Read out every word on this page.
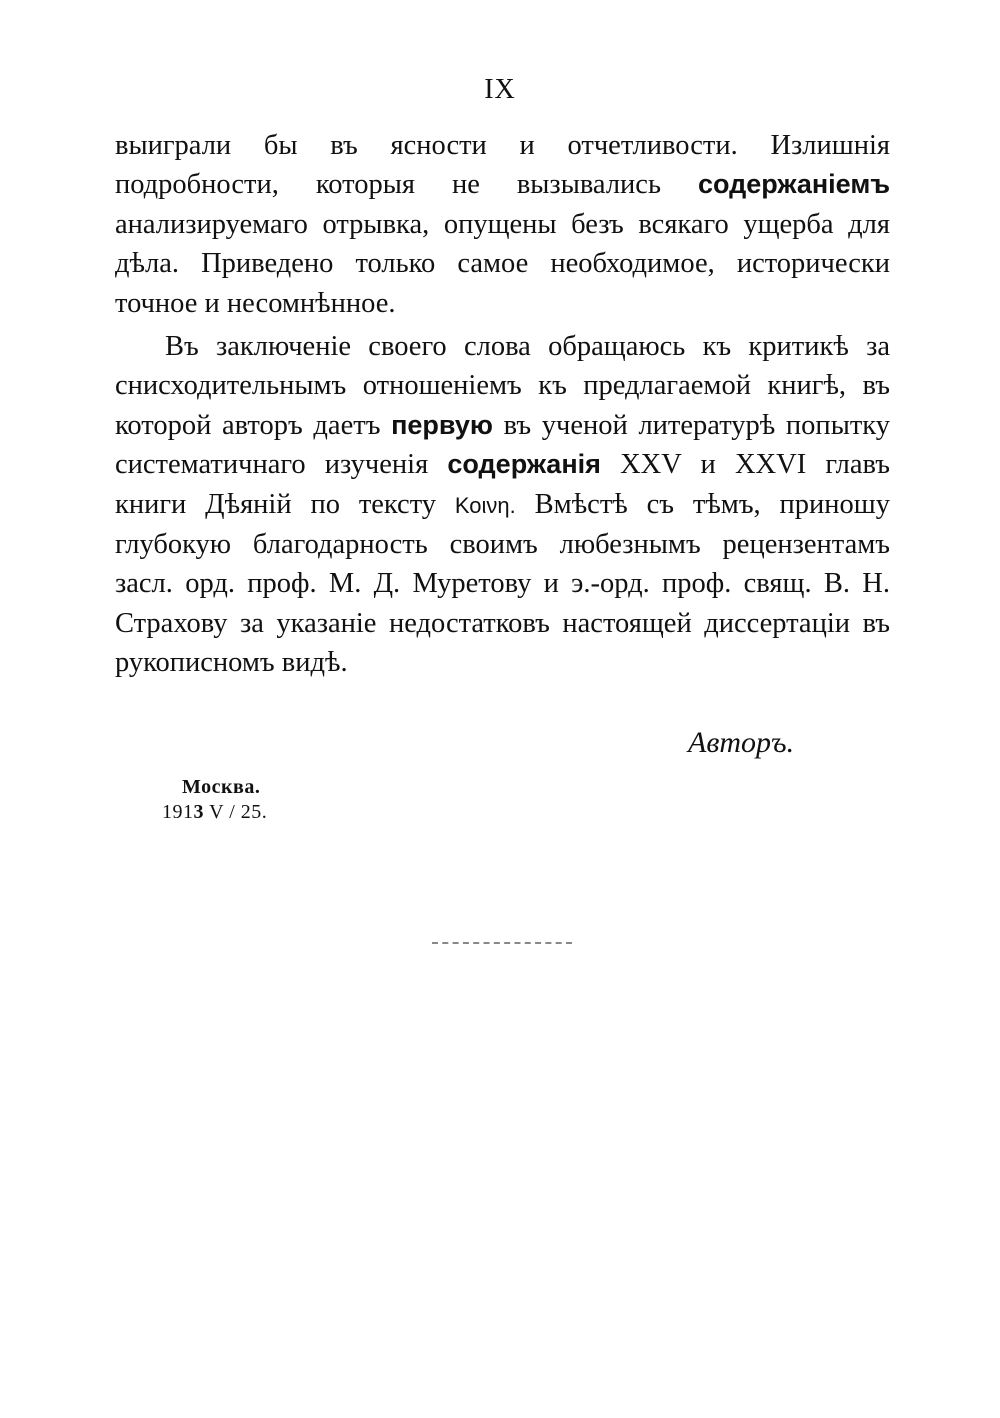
IX

выиграли бы въ ясности и отчетливости. Излишнія подробности, которыя не вызывались содержаніемъ анализируемаго отрывка, опущены безъ всякаго ущерба для дѣла. Приведено только самое необходимое, исторически точное и несомнѣнное.

Въ заключеніе своего слова обращаюсь къ критикѣ за снисходительнымъ отношеніемъ къ предлагаемой книгѣ, въ которой авторъ даетъ первую въ ученой литературѣ попытку систематичнаго изученія содержанія XXV и XXVI главъ книги Дѣяній по тексту Κοινη. Вмѣстѣ съ тѣмъ, приношу глубокую благодарность своимъ любезнымъ рецензентамъ засл. орд. проф. М. Д. Муретову и э.-орд. проф. свящ. В. Н. Страхову за указаніе недостатковъ настоящей диссертаціи въ рукописномъ видѣ.

Авторъ.
Москва.
1913 V / 25.
